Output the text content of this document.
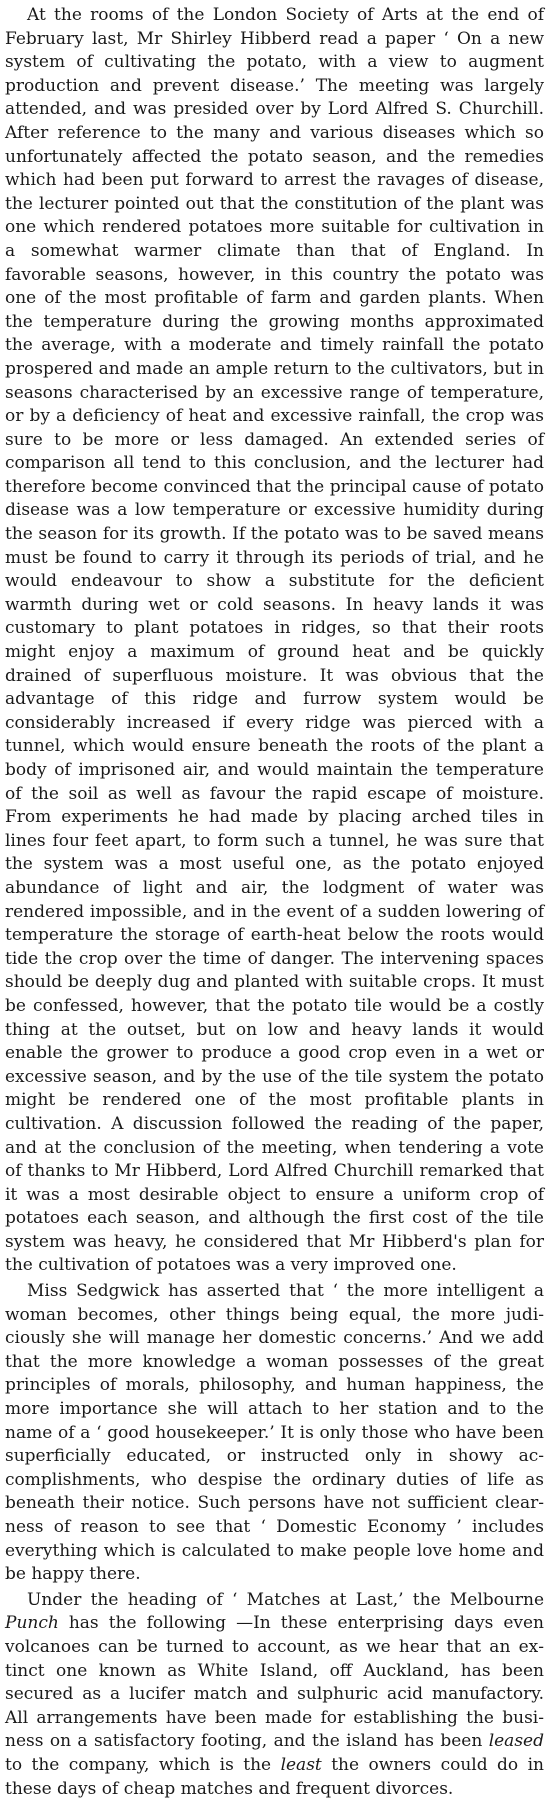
At the rooms of the London Society of Arts at the end of February last, Mr Shirley Hibberd read a paper ‘ On a new system of cultivating the potato, with a view to augment production and prevent disease.’ The meeting was largely attended, and was presided over by Lord Alfred S. Churchill. After reference to the many and various diseases which so unfortunately affected the potato season, and the remedies which had been put forward to arrest the ravages of disease, the lecturer pointed out that the constitution of the plant was one which rendered potatoes more suitable for cultivation in a somewhat warmer climate than that of England. In favorable seasons, however, in this country the potato was one of the most profitable of farm and garden plants. When the temperature during the growing months approximated the average, with a moderate and timely rainfall the potato prospered and made an ample return to the cultivators, but in seasons characterised by an excessive range of temperature, or by a deficiency of heat and excessive rainfall, the crop was sure to be more or less damaged. An extended series of comparison all tend to this conclusion, and the lecturer had therefore become convinced that the principal cause of potato disease was a low temperature or excessive humidity during the season for its growth. If the potato was to be saved means must be found to carry it through its periods of trial, and he would endeavour to show a substitute for the deficient warmth during wet or cold seasons. In heavy lands it was customary to plant potatoes in ridges, so that their roots might enjoy a maximum of ground heat and be quickly drained of superfluous moisture. It was obvious that the advantage of this ridge and furrow system would be considerably increased if every ridge was pierced with a tunnel, which would ensure beneath the roots of the plant a body of imprisoned air, and would maintain the temperature of the soil as well as favour the rapid escape of moisture. From experiments he had made by placing arched tiles in lines four feet apart, to form such a tunnel, he was sure that the system was a most useful one, as the potato enjoyed abundance of light and air, the lodgment of water was rendered impossible, and in the event of a sudden lowering of temperature the storage of earth-heat below the roots would tide the crop over the time of danger. The intervening spaces should be deeply dug and planted with suitable crops. It must be confessed, however, that the potato tile would be a costly thing at the outset, but on low and heavy lands it would enable the grower to produce a good crop even in a wet or excessive season, and by the use of the tile system the potato might be rendered one of the most profitable plants in cultivation. A discussion followed the reading of the paper, and at the conclusion of the meeting, when tendering a vote of thanks to Mr Hibberd, Lord Alfred Churchill remarked that it was a most desirable object to ensure a uniform crop of potatoes each season, and although the first cost of the tile system was heavy, he considered that Mr Hibberd's plan for the cultivation of potatoes was a very improved one.

Miss Sedgwick has asserted that ‘ the more intelligent a woman becomes, other things being equal, the more judiciously she will manage her domestic concerns.’ And we add that the more knowledge a woman possesses of the great principles of morals, philosophy, and human happiness, the more importance she will attach to her station and to the name of a ‘ good housekeeper.’ It is only those who have been superficially educated, or instructed only in showy accomplishments, who despise the ordinary duties of life as beneath their notice. Such persons have not sufficient clearness of reason to see that ‘ Domestic Economy ’ includes everything which is calculated to make people love home and be happy there.

Under the heading of ‘ Matches at Last,’ the Melbourne Punch has the following —In these enterprising days even volcanoes can be turned to account, as we hear that an extinct one known as White Island, off Auckland, has been secured as a lucifer match and sulphuric acid manufactory. All arrangements have been made for establishing the business on a satisfactory footing, and the island has been leased to the company, which is the least the owners could do in these days of cheap matches and frequent divorces.
